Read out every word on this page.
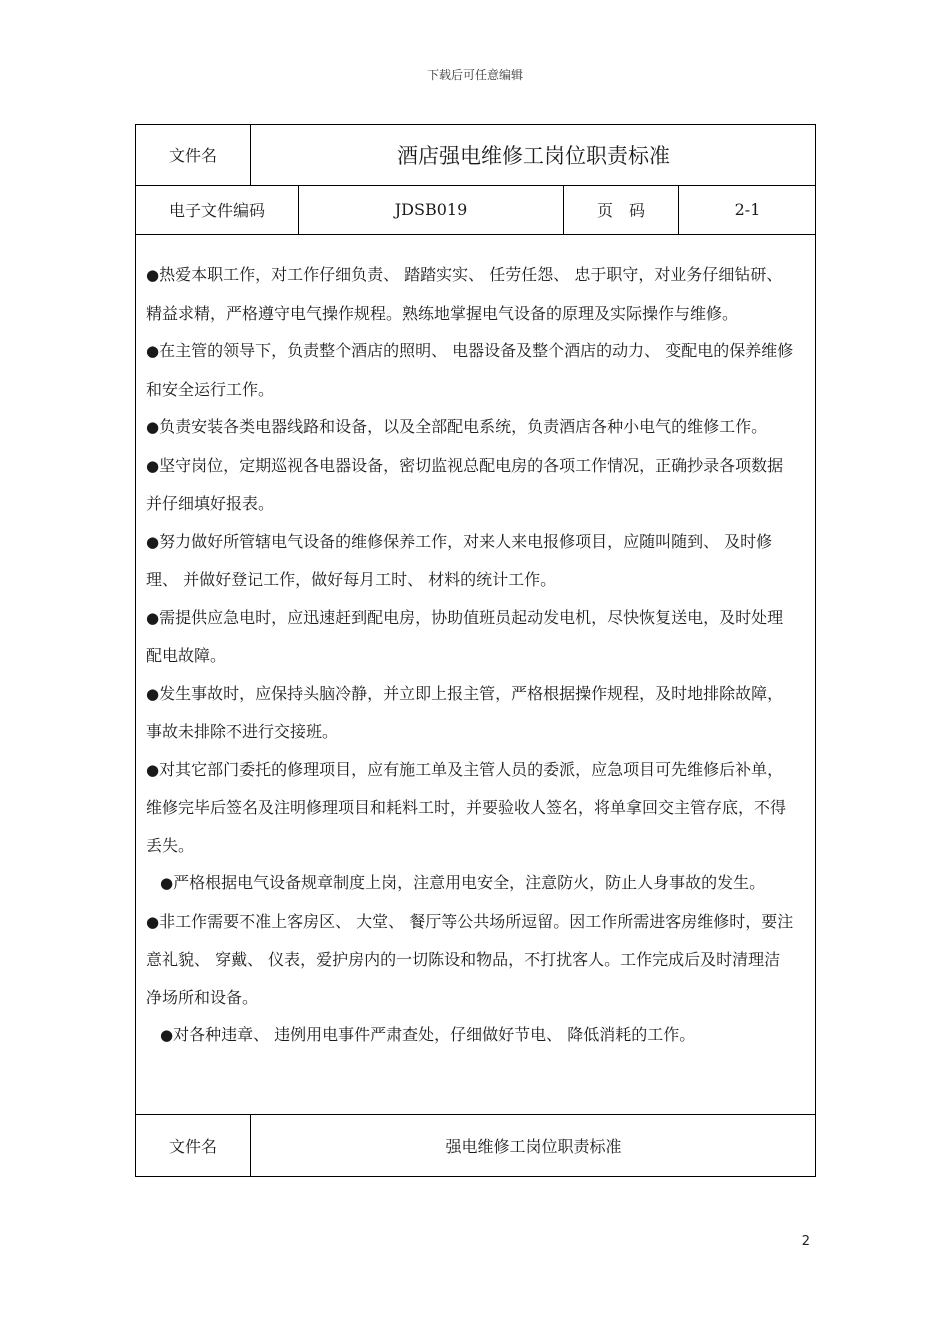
下载后可任意编辑
文件名	酒店强电维修工岗位职责标准
电子文件编码	JDSB019	页　码	2-1

●热爱本职工作，对工作仔细负责、 踏踏实实、 任劳任怨、 忠于职守，对业务仔细钻研、 精益求精，严格遵守电气操作规程。熟练地掌握电气设备的原理及实际操作与维修。

●在主管的领导下，负责整个酒店的照明、 电器设备及整个酒店的动力、 变配电的保养维修和安全运行工作。

●负责安装各类电器线路和设备，以及全部配电系统，负责酒店各种小电气的维修工作。

●坚守岗位，定期巡视各电器设备，密切监视总配电房的各项工作情况，正确抄录各项数据并仔细填好报表。

●努力做好所管辖电气设备的维修保养工作，对来人来电报修项目，应随叫随到、 及时修理、 并做好登记工作，做好每月工时、 材料的统计工作。

●需提供应急电时，应迅速赶到配电房，协助值班员起动发电机，尽快恢复送电，及时处理配电故障。

●发生事故时，应保持头脑冷静，并立即上报主管，严格根据操作规程，及时地排除故障，事故未排除不进行交接班。

●对其它部门委托的修理项目，应有施工单及主管人员的委派，应急项目可先维修后补单，维修完毕后签名及注明修理项目和耗料工时，并要验收人签名，将单拿回交主管存底，不得丢失。

●严格根据电气设备规章制度上岗，注意用电安全，注意防火，防止人身事故的发生。

●非工作需要不准上客房区、 大堂、 餐厅等公共场所逗留。因工作所需进客房维修时，要注意礼貌、 穿戴、 仪表，爱护房内的一切陈设和物品，不打扰客人。工作完成后及时清理洁净场所和设备。

●对各种违章、 违例用电事件严肃查处，仔细做好节电、 降低消耗的工作。

文件名	强电维修工岗位职责标准
2
